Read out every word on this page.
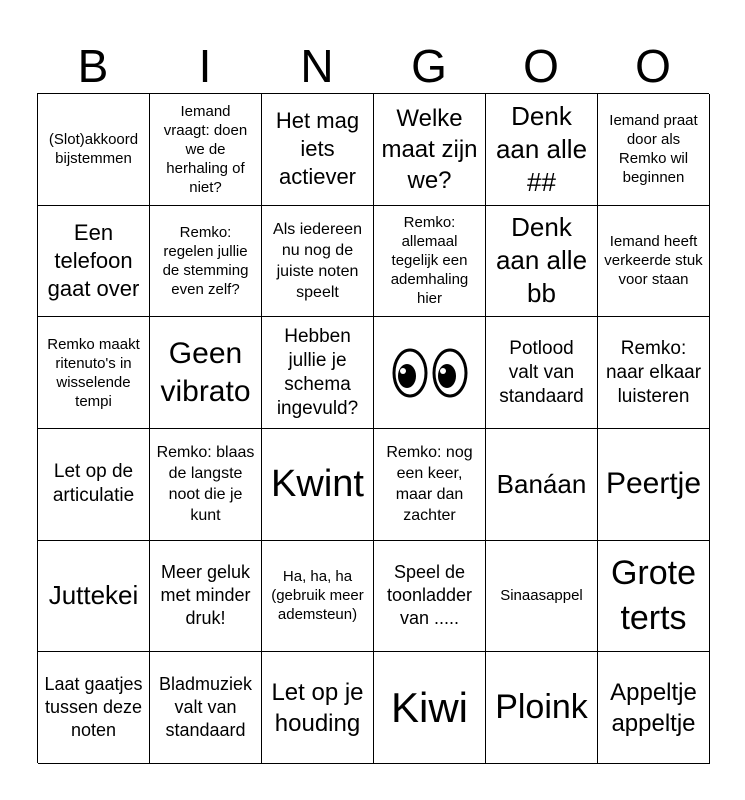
B	I	N	G	O	O
(Slot)akkoord bijstemmen
Iemand vraagt: doen we de herhaling of niet?
Het mag iets actiever
Welke maat zijn we?
Denk aan alle ##
Iemand praat door als Remko wil beginnen
Een telefoon gaat over
Remko: regelen jullie de stemming even zelf?
Als iedereen nu nog de juiste noten speelt
Remko: allemaal tegelijk een ademhaling hier
Denk aan alle bb
Iemand heeft verkeerde stuk voor staan
Remko maakt ritenuto's in wisselende tempi
Geen vibrato
Hebben jullie je schema ingevuld?
Potlood valt van standaard
Remko: naar elkaar luisteren
Let op de articulatie
Remko: blaas de langste noot die je kunt
Kwint
Remko: nog een keer, maar dan zachter
Banáan Peertje
Juttekei
Meer geluk met minder druk!
Ha, ha, ha (gebruik meer ademsteun)
Speel de toonladder van .....
Sinaasappel
Grote terts
Laat gaatjes tussen deze noten
Bladmuziek valt van standaard
Let op je houding Kiwi Ploink Appeltje appeltje
